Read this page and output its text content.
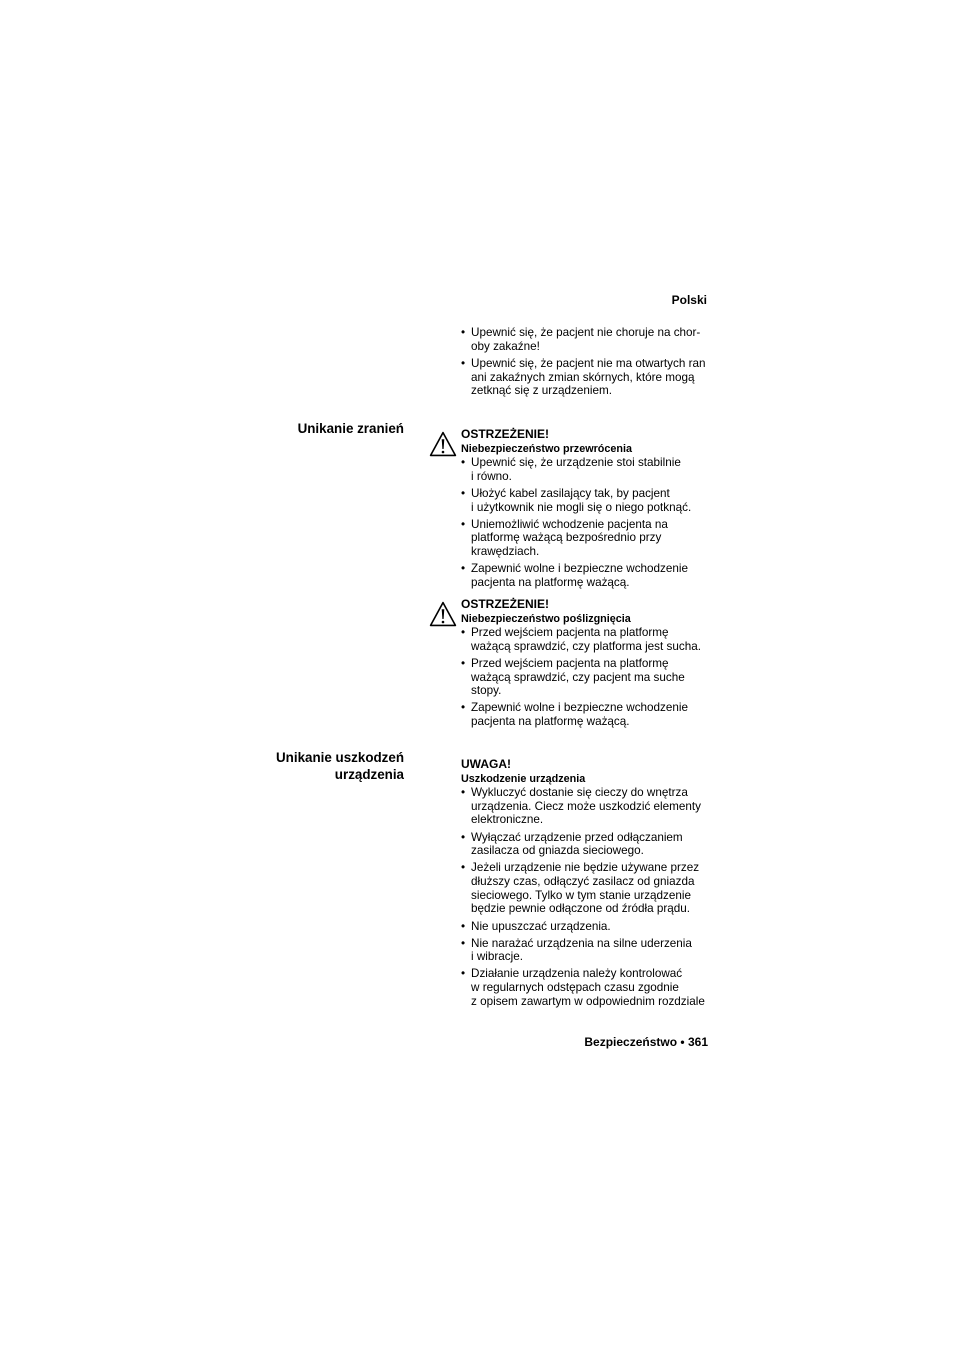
Polski
• Upewnić się, że pacjent nie choruje na chor-
oby zakaźne!
• Upewnić się, że pacjent nie ma otwartych ran
ani zakaźnych zmian skórnych, które mogą
zetknąć się z urządzeniem.
Unikanie zranień	OSTRZEŻENIE!
Niebezpieczeństwo przewrócenia
• Upewnić się, że urządzenie stoi stabilnie
i równo.
• Ułożyć kabel zasilający tak, by pacjent
i użytkownik nie mogli się o niego potknąć.
• Uniemożliwić wchodzenie pacjenta na
platformę ważącą bezpośrednio przy
krawędziach.
• Zapewnić wolne i bezpieczne wchodzenie
pacjenta na platformę ważącą.
OSTRZEŻENIE!
Niebezpieczeństwo poślizgnięcia
• Przed wejściem pacjenta na platformę
ważącą sprawdzić, czy platforma jest sucha.
• Przed wejściem pacjenta na platformę
ważącą sprawdzić, czy pacjent ma suche
stopy.
• Zapewnić wolne i bezpieczne wchodzenie
pacjenta na platformę ważącą.
Unikanie uszkodzeń
urządzenia
UWAGA!
Uszkodzenie urządzenia
• Wykluczyć dostanie się cieczy do wnętrza
urządzenia. Ciecz może uszkodzić elementy
elektroniczne.
• Wyłączać urządzenie przed odłączaniem
zasilacza od gniazda sieciowego.
• Jeżeli urządzenie nie będzie używane przez
dłuższy czas, odłączyć zasilacz od gniazda
sieciowego. Tylko w tym stanie urządzenie
będzie pewnie odłączone od źródła prądu.
• Nie upuszczać urządzenia.
• Nie narażać urządzenia na silne uderzenia
i wibracje.
• Działanie urządzenia należy kontrolować
w regularnych odstępach czasu zgodnie
z opisem zawartym w odpowiednim rozdziale
Bezpieczeństwo • 361
